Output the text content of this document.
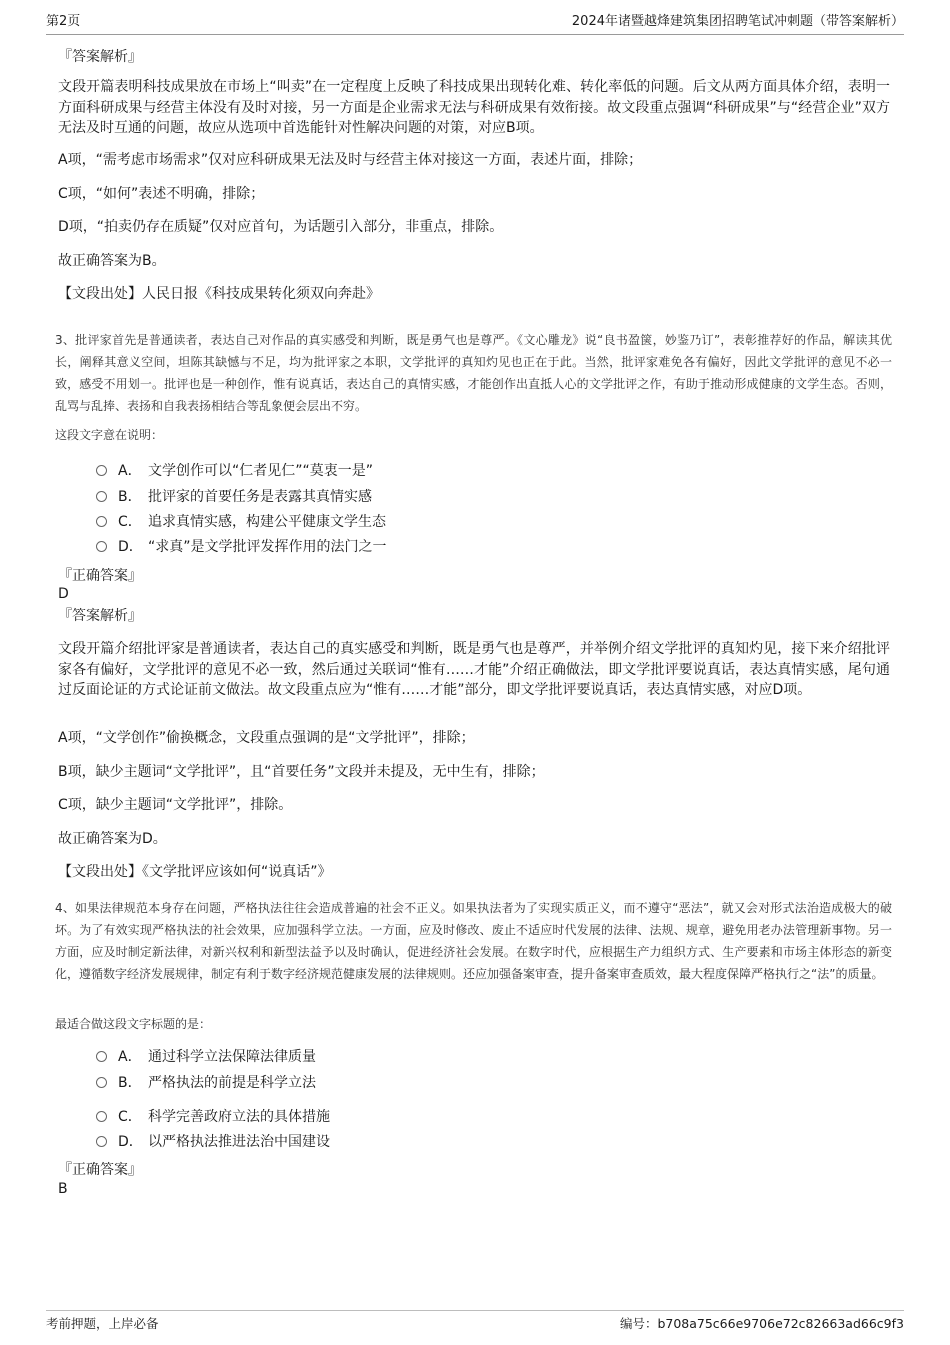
第2页	2024年诸暨越烽建筑集团招聘笔试冲刺题（带答案解析）
『答案解析』
文段开篇表明科技成果放在市场上“叫卖”在一定程度上反映了科技成果出现转化难、转化率低的问题。后文从两方面具体介绍，表明一方面科研成果与经营主体没有及时对接，另一方面是企业需求无法与科研成果有效衔接。故文段重点强调“科研成果”与“经营企业”双方无法及时互通的问题，故应从选项中首选能针对性解决问题的对策，对应B项。
A项，“需考虑市场需求”仅对应科研成果无法及时与经营主体对接这一方面，表述片面，排除；
C项，“如何”表述不明确，排除；
D项，“拍卖仍存在质疑”仅对应首句，为话题引入部分，非重点，排除。
故正确答案为B。
【文段出处】人民日报《科技成果转化须双向奔赴》
3、批评家首先是普通读者，表达自己对作品的真实感受和判断，既是勇气也是尊严。《文心雕龙》说“良书盈箧，妙鉴乃订”，表彰推荐好的作品，解读其优长，阐释其意义空间，坦陈其缺憾与不足，均为批评家之本职，文学批评的真知灼见也正在于此。当然，批评家难免各有偏好，因此文学批评的意见不必一致，感受不用划一。批评也是一种创作，惟有说真话，表达自己的真情实感，才能创作出直抵人心的文学批评之作，有助于推动形成健康的文学生态。否则，乱骂与乱捧、表扬和自我表扬相结合等乱象便会层出不穷。
这段文字意在说明：
A． 文学创作可以“仁者见仁”“莫衷一是”
B． 批评家的首要任务是表露其真情实感
C． 追求真情实感，构建公平健康文学生态
D． “求真”是文学批评发挥作用的法门之一
『正确答案』
D
『答案解析』
文段开篇介绍批评家是普通读者，表达自己的真实感受和判断，既是勇气也是尊严，并举例介绍文学批评的真知灼见，接下来介绍批评家各有偏好，文学批评的意见不必一致，然后通过关联词“惟有……才能”介绍正确做法，即文学批评要说真话，表达真情实感，尾句通过反面论证的方式论证前文做法。故文段重点应为“惟有……才能”部分，即文学批评要说真话，表达真情实感，对应D项。
A项，“文学创作”偷换概念，文段重点强调的是“文学批评”，排除；
B项，缺少主题词“文学批评”，且“首要任务”文段并未提及，无中生有，排除；
C项，缺少主题词“文学批评”，排除。
故正确答案为D。
【文段出处】《文学批评应该如何“说真话”》
4、如果法律规范本身存在问题，严格执法往往会造成普遍的社会不正义。如果执法者为了实现实质正义，而不遵守“恶法”，就又会对形式法治造成极大的破坏。为了有效实现严格执法的社会效果，应加强科学立法。一方面，应及时修改、废止不适应时代发展的法律、法规、规章，避免用老办法管理新事物。另一方面，应及时制定新法律，对新兴权利和新型法益予以及时确认，促进经济社会发展。在数字时代，应根据生产力组织方式、生产要素和市场主体形态的新变化，遵循数字经济发展规律，制定有利于数字经济规范健康发展的法律规则。还应加强备案审查，提升备案审查质效，最大程度保障严格执行之“法”的质量。
最适合做这段文字标题的是：
A． 通过科学立法保障法律质量
B． 严格执法的前提是科学立法
C． 科学完善政府立法的具体措施
D． 以严格执法推进法治中国建设
『正确答案』
B
考前押题，上岸必备	编号：b708a75c66e9706e72c82663ad66c9f3
